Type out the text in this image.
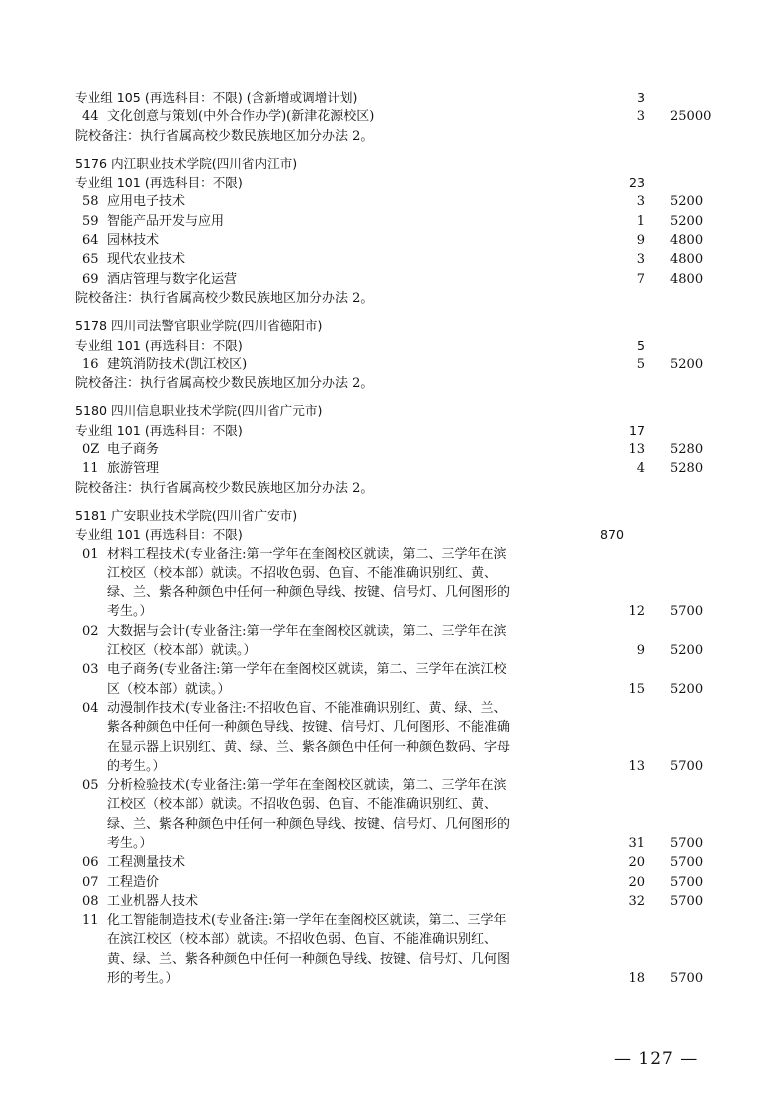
专业组 105 (再选科目：不限) (含新增或调增计划)	3
44 文化创意与策划(中外合作办学)(新津花源校区)	3 25000
院校备注：执行省属高校少数民族地区加分办法 2。
5176 内江职业技术学院(四川省内江市)
专业组 101 (再选科目：不限)	23
58 应用电子技术	3 5200
59 智能产品开发与应用	1 5200
64 园林技术	9 4800
65 现代农业技术	3 4800
69 酒店管理与数字化运营	7 4800
院校备注：执行省属高校少数民族地区加分办法 2。
5178 四川司法警官职业学院(四川省德阳市)
专业组 101 (再选科目：不限)	5
16 建筑消防技术(凯江校区)	5 5200
院校备注：执行省属高校少数民族地区加分办法 2。
5180 四川信息职业技术学院(四川省广元市)
专业组 101 (再选科目：不限)	17
0Z 电子商务	13 5280
11 旅游管理	4 5280
院校备注：执行省属高校少数民族地区加分办法 2。
5181 广安职业技术学院(四川省广安市)
专业组 101 (再选科目：不限)	870
01 材料工程技术(专业备注:第一学年在奎阁校区就读，第二、三学年在滨
江校区（校本部）就读。不招收色弱、色盲、不能准确识别红、黄、
绿、兰、紫各种颜色中任何一种颜色导线、按键、信号灯、几何图形的
考生。）	12 5700
02 大数据与会计(专业备注:第一学年在奎阁校区就读，第二、三学年在滨
江校区（校本部）就读。）	9 5200
03 电子商务(专业备注:第一学年在奎阁校区就读，第二、三学年在滨江校
区（校本部）就读。）	15 5200
04 动漫制作技术(专业备注:不招收色盲、不能准确识别红、黄、绿、兰、
紫各种颜色中任何一种颜色导线、按键、信号灯、几何图形、不能准确
在显示器上识别红、黄、绿、兰、紫各颜色中任何一种颜色数码、字母
的考生。）	13 5700
05 分析检验技术(专业备注:第一学年在奎阁校区就读，第二、三学年在滨
江校区（校本部）就读。不招收色弱、色盲、不能准确识别红、黄、
绿、兰、紫各种颜色中任何一种颜色导线、按键、信号灯、几何图形的
考生。）	31 5700
06 工程测量技术	20 5700
07 工程造价	20 5700
08 工业机器人技术	32 5700
11 化工智能制造技术(专业备注:第一学年在奎阁校区就读，第二、三学年
在滨江校区（校本部）就读。不招收色弱、色盲、不能准确识别红、
黄、绿、兰、紫各种颜色中任何一种颜色导线、按键、信号灯、几何图
形的考生。）	18 5700
— 127 —
